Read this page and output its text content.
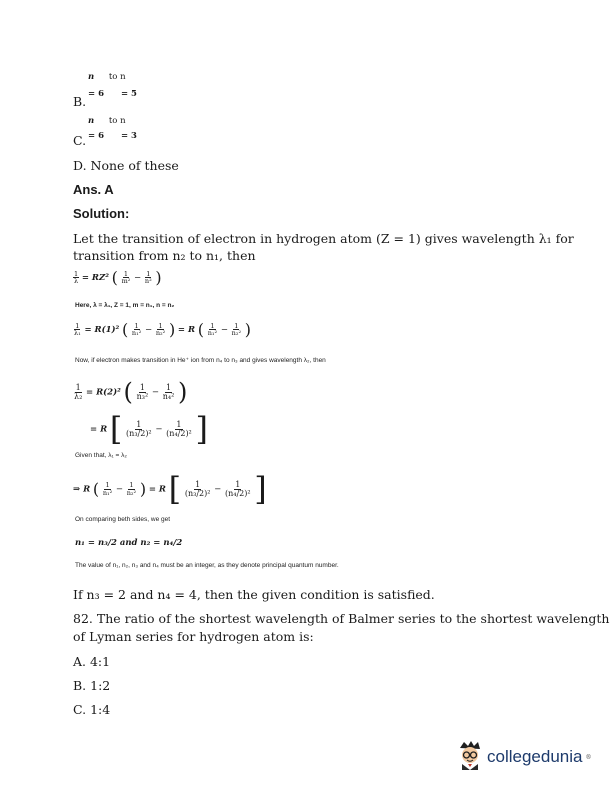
n to n
B. = 6 = 5
n to n
C. = 6 = 3
D. None of these
Ans. A
Solution:
Let the transition of electron in hydrogen atom (Z = 1) gives wavelength λ₁ for
transition from n₂ to n₁, then
$\frac{1}{\lambda} = RZ^2$ ( $\frac{1}{\text{m²}} - \frac{1}{\text{n²}}$ )
Here, λ = λ₁, Z = 1, m = n₁, n = n₂
$\frac{1}{\text{λ₁}} = R(1)^2$ ( $\frac{1}{\text{n₁²}} - \frac{1}{\text{n₂²}}$ ) = R ( $\frac{1}{\text{n₁²}} - \frac{1}{\text{n₂²}}$ )
Now, if electron makes transition in He⁺ ion from n₄ to n₃ and gives wavelength λ₂, then
$\frac{1}{\text{λ₂}} = R(2)^2$ ( $\frac{1}{\text{n₃²}} - \frac{1}{\text{n₄²}}$ )
= R [ $\frac{1}{\text{(n₃/2)²}} - \frac{1}{\text{(n₄/2)²}}$ ]
Given that, λ₁ = λ₂
⇒ R ( $\frac{1}{\text{n₁²}} - \frac{1}{\text{n₂²}}$ ) = R [ $\frac{1}{\text{(n₃/2)²}} - \frac{1}{\text{(n₄/2)²}}$ ]
On comparing beth sides, we get
n₁ = n₃/2 and n₂ = n₄/2
The value of n₁, n₂, n₃ and n₄ must be an integer, as they denote principal quantum number.
If n₃ = 2 and n₄ = 4, then the given condition is satisfied.
82. The ratio of the shortest wavelength of Balmer series to the shortest wavelength
of Lyman series for hydrogen atom is:
A. 4:1
B. 1:2
C. 1:4
collegedunia ®
